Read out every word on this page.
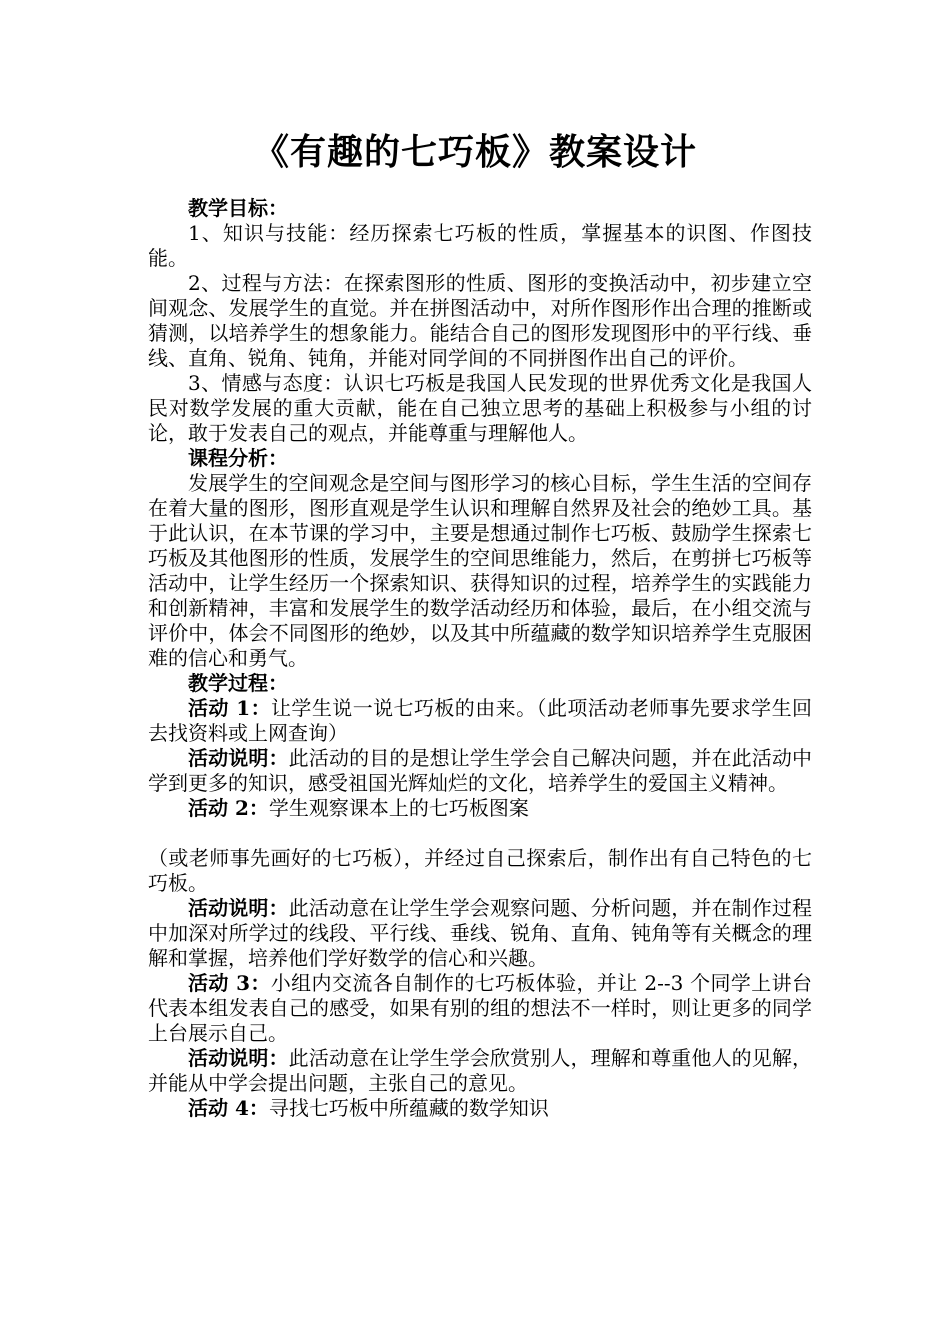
《有趣的七巧板》教案设计

教学目标：

1、知识与技能：经历探索七巧板的性质，掌握基本的识图、作图技能。

2、过程与方法：在探索图形的性质、图形的变换活动中，初步建立空间观念、发展学生的直觉。并在拼图活动中，对所作图形作出合理的推断或猜测，以培养学生的想象能力。能结合自己的图形发现图形中的平行线、垂线、直角、锐角、钝角，并能对同学间的不同拼图作出自己的评价。

3、情感与态度：认识七巧板是我国人民发现的世界优秀文化是我国人民对数学发展的重大贡献，能在自己独立思考的基础上积极参与小组的讨论，敢于发表自己的观点，并能尊重与理解他人。

课程分析：

发展学生的空间观念是空间与图形学习的核心目标，学生生活的空间存在着大量的图形，图形直观是学生认识和理解自然界及社会的绝妙工具。基于此认识，在本节课的学习中，主要是想通过制作七巧板、鼓励学生探索七巧板及其他图形的性质，发展学生的空间思维能力，然后，在剪拼七巧板等活动中，让学生经历一个探索知识、获得知识的过程，培养学生的实践能力和创新精神，丰富和发展学生的数学活动经历和体验，最后，在小组交流与评价中，体会不同图形的绝妙，以及其中所蕴藏的数学知识培养学生克服困难的信心和勇气。

教学过程：

活动 1：让学生说一说七巧板的由来。（此项活动老师事先要求学生回去找资料或上网查询）

活动说明：此活动的目的是想让学生学会自己解决问题，并在此活动中学到更多的知识，感受祖国光辉灿烂的文化，培养学生的爱国主义精神。

活动 2：学生观察课本上的七巧板图案

（或老师事先画好的七巧板），并经过自己探索后，制作出有自己特色的七巧板。

活动说明：此活动意在让学生学会观察问题、分析问题，并在制作过程中加深对所学过的线段、平行线、垂线、锐角、直角、钝角等有关概念的理解和掌握，培养他们学好数学的信心和兴趣。

活动 3：小组内交流各自制作的七巧板体验，并让 2--3 个同学上讲台代表本组发表自己的感受，如果有别的组的想法不一样时，则让更多的同学上台展示自己。

活动说明：此活动意在让学生学会欣赏别人，理解和尊重他人的见解，并能从中学会提出问题，主张自己的意见。

活动 4：寻找七巧板中所蕴藏的数学知识
